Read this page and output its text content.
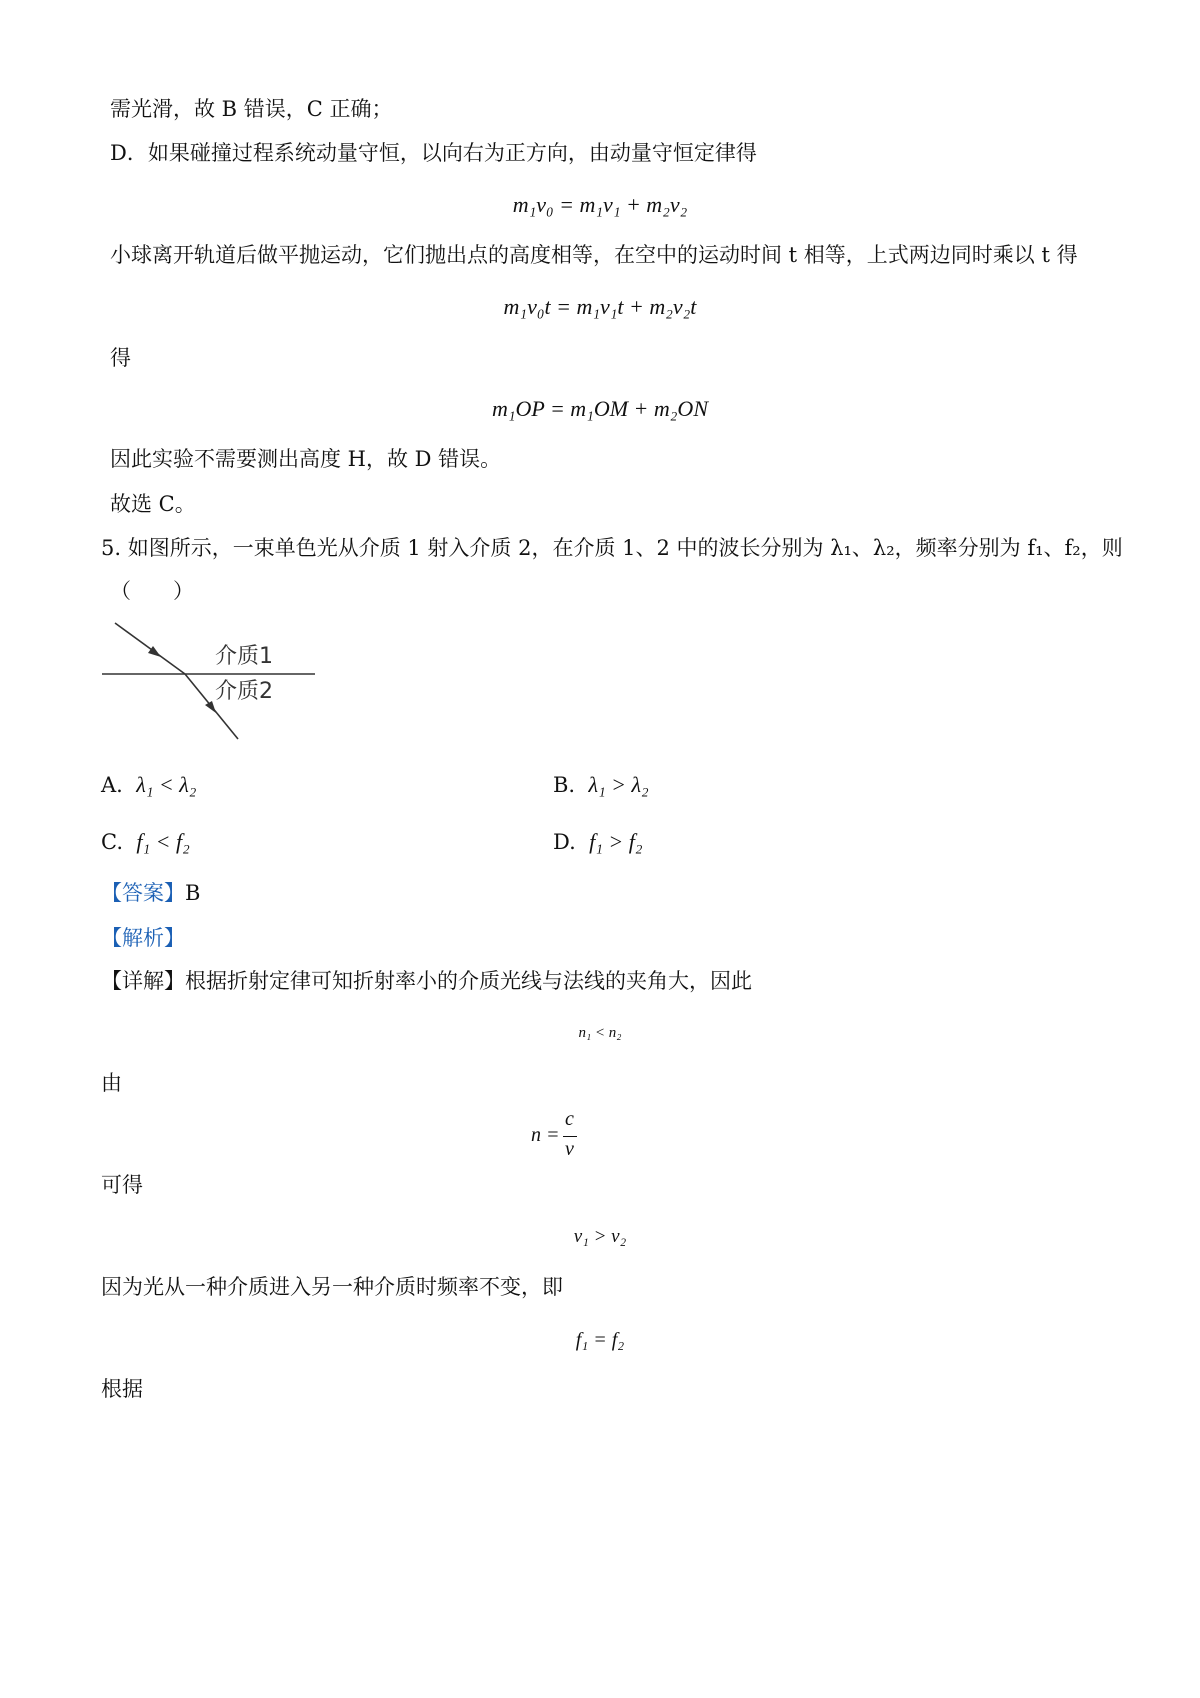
需光滑，故 B 错误，C 正确；
D．如果碰撞过程系统动量守恒，以向右为正方向，由动量守恒定律得
m₁v₀ = m₁v₁ + m₂v₂
小球离开轨道后做平抛运动，它们抛出点的高度相等，在空中的运动时间 t 相等，上式两边同时乘以 t 得
m₁v₀t = m₁v₁t + m₂v₂t
得
m₁OP = m₁OM + m₂ON
因此实验不需要测出高度 H，故 D 错误。
故选 C。
5. 如图所示，一束单色光从介质 1 射入介质 2，在介质 1、2 中的波长分别为 λ₁、λ₂，频率分别为 f₁、f₂，则
（　　）
介质1
介质2
A. λ₁ < λ₂	B. λ₁ > λ₂
C. f₁ < f₂	D. f₁ > f₂
【答案】B
【解析】
【详解】根据折射定律可知折射率小的介质光线与法线的夹角大，因此
n₁ < n₂
由
n =
c
v
可得
v₁ > v₂
因为光从一种介质进入另一种介质时频率不变，即
f₁ = f₂
根据
